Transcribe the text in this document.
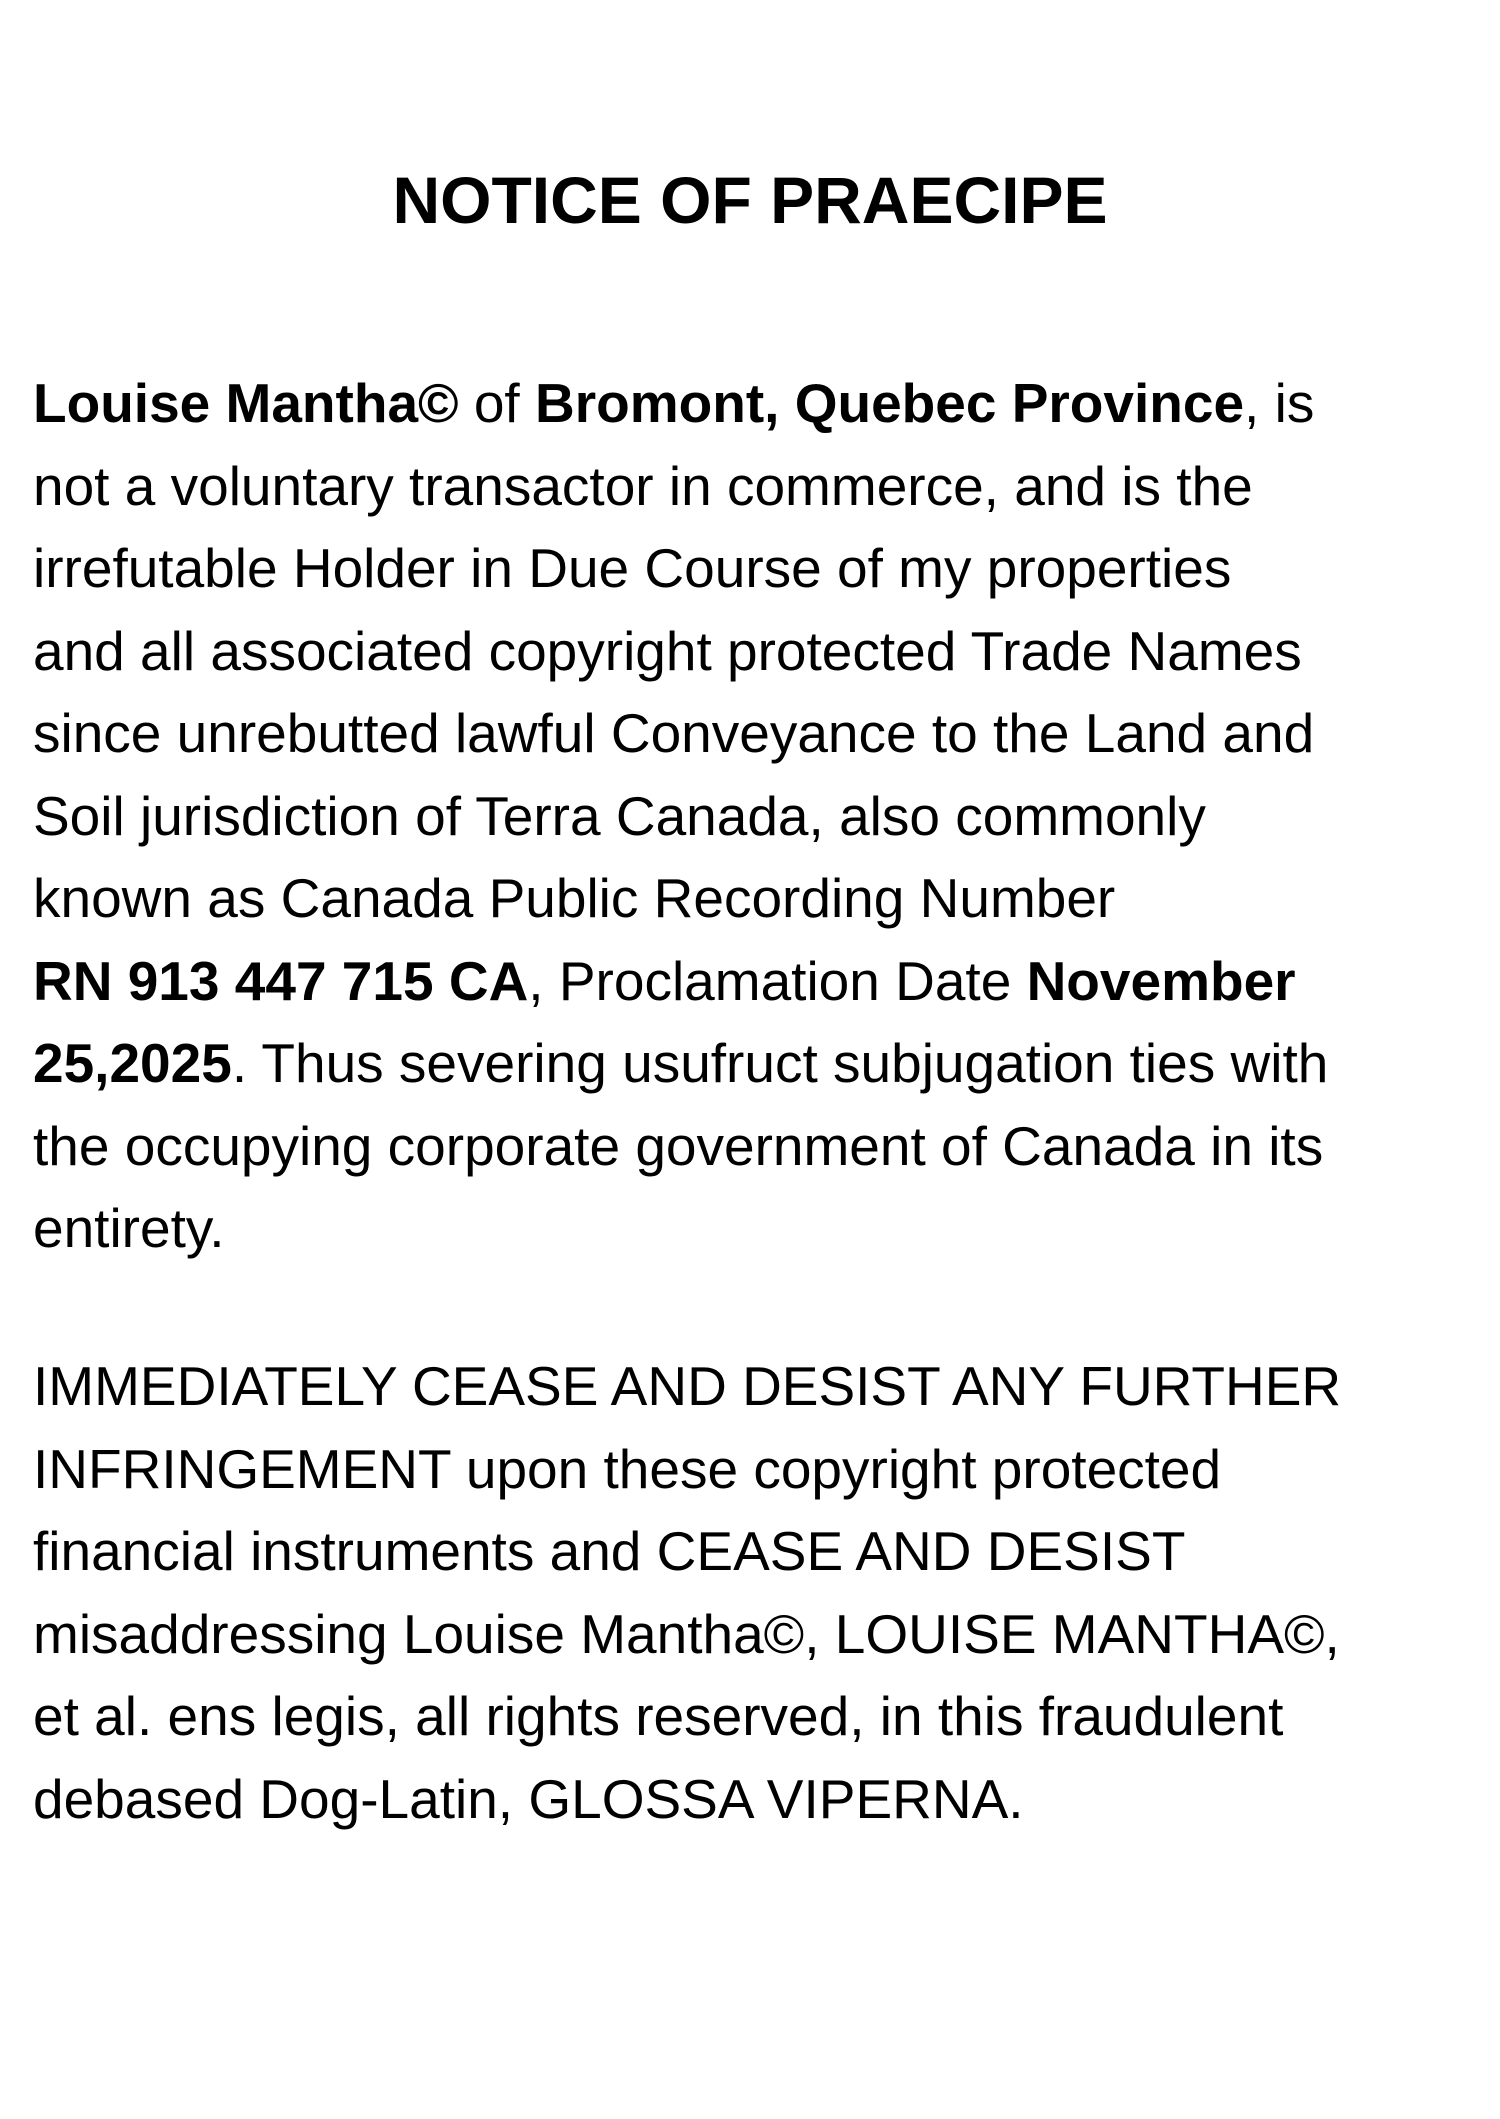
NOTICE OF PRAECIPE

Louise Mantha© of Bromont, Quebec Province, is
not a voluntary transactor in commerce, and is the
irrefutable Holder in Due Course of my properties
and all associated copyright protected Trade Names
since unrebutted lawful Conveyance to the Land and
Soil jurisdiction of Terra Canada, also commonly
known as Canada Public Recording Number
RN 913 447 715 CA, Proclamation Date November
25,2025. Thus severing usufruct subjugation ties with
the occupying corporate government of Canada in its
entirety.

IMMEDIATELY CEASE AND DESIST ANY FURTHER
INFRINGEMENT upon these copyright protected
financial instruments and CEASE AND DESIST
misaddressing Louise Mantha©, LOUISE MANTHA©,
et al. ens legis, all rights reserved, in this fraudulent
debased Dog-Latin, GLOSSA VIPERNA.
